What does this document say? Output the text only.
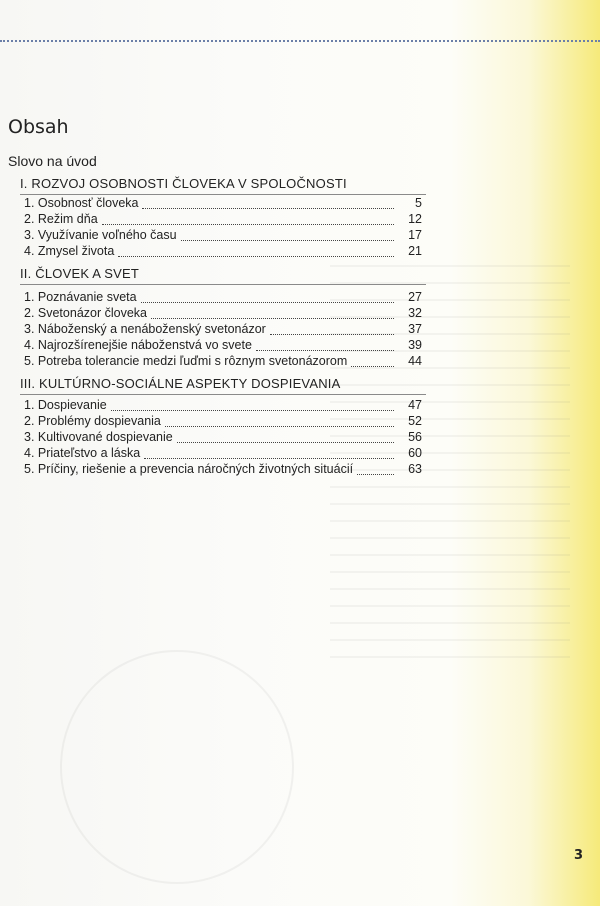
Obsah
Slovo na úvod
I. ROZVOJ OSOBNOSTI ČLOVEKA V SPOLOČNOSTI
1. Osobnosť človeka	5
2. Režim dňa	12
3. Využívanie voľného času	17
4. Zmysel života	21
II. ČLOVEK A SVET
1. Poznávanie sveta	27
2. Svetonázor človeka	32
3. Náboženský a nenáboženský svetonázor	37
4. Najrozšírenejšie náboženstvá vo svete	39
5. Potreba tolerancie medzi ľuďmi s rôznym svetonázorom	44
III. KULTÚRNO-SOCIÁLNE ASPEKTY DOSPIEVANIA
1. Dospievanie	47
2. Problémy dospievania	52
3. Kultivované dospievanie	56
4. Priateľstvo a láska	60
5. Príčiny, riešenie a prevencia náročných životných situácií	63
3
